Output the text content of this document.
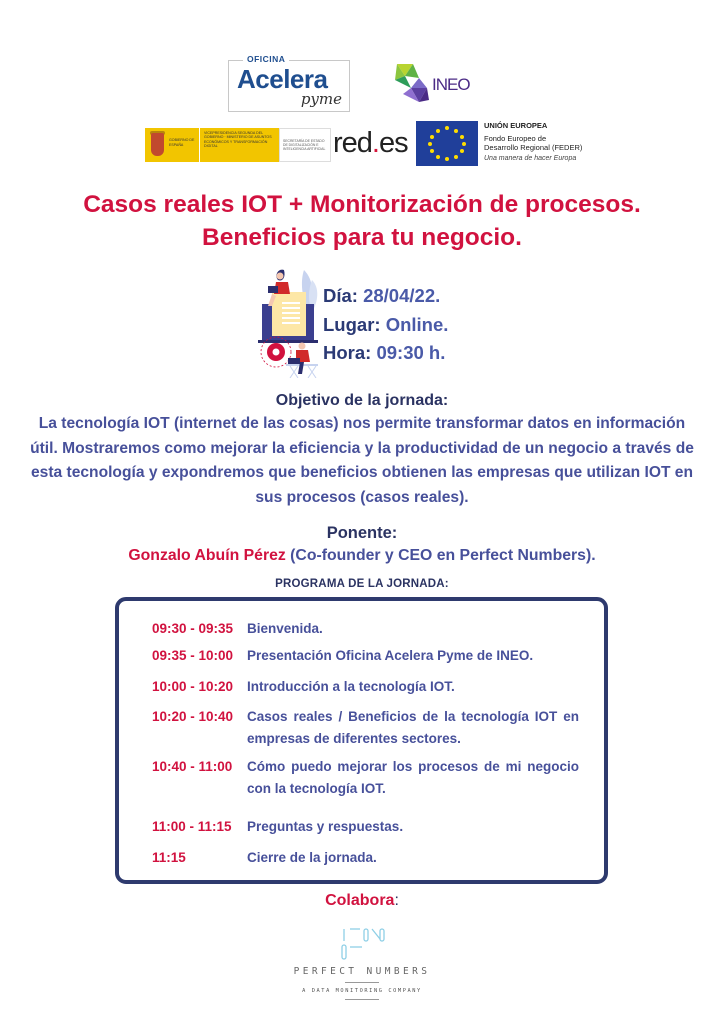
OFICINA
Acelera
pyme
INEO
GOBIERNO DE ESPAÑA
VICEPRESIDENCIA SEGUNDA DEL GOBIERNO · MINISTERIO DE ASUNTOS ECONÓMICOS Y TRANSFORMACIÓN DIGITAL
SECRETARÍA DE ESTADO DE DIGITALIZACIÓN E INTELIGENCIA ARTIFICIAL red.es
UNIÓN EUROPEA
Fondo Europeo de
Desarrollo Regional (FEDER)
Una manera de hacer Europa
Casos reales IOT + Monitorización de procesos.
Beneficios para tu negocio.
Día: 28/04/22.
Lugar: Online.
Hora: 09:30 h.
Objetivo de la jornada:
La tecnología IOT (internet de las cosas) nos permite transformar datos en información útil. Mostraremos como mejorar la eficiencia y la productividad de un negocio a través de esta tecnología y expondremos que beneficios obtienen las empresas que utilizan IOT en sus procesos (casos reales).
Ponente:
Gonzalo Abuín Pérez (Co-founder y CEO en Perfect Numbers).
PROGRAMA DE LA JORNADA:
09:30 - 09:35	Bienvenida.
09:35 - 10:00	Presentación Oficina Acelera Pyme de INEO.
10:00 - 10:20	Introducción a la tecnología IOT.
10:20 - 10:40	Casos reales / Beneficios de la tecnología IOT en empresas de diferentes sectores.
10:40 - 11:00	Cómo puedo mejorar los procesos de mi negocio con la tecnología IOT.
11:00 - 11:15	Preguntas y respuestas.
11:15	Cierre de la jornada.
Colabora:
PERFECT NUMBERS
A DATA MONITORING COMPANY
